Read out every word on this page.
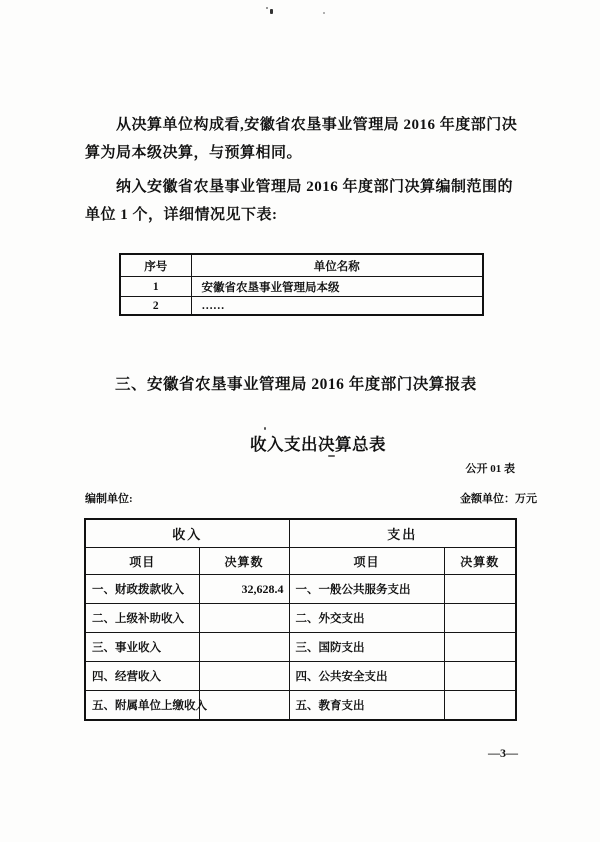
从决算单位构成看,安徽省农垦事业管理局 2016 年度部门决
算为局本级决算，与预算相同。
纳入安徽省农垦事业管理局 2016 年度部门决算编制范围的
单位 1 个，详细情况见下表:
序号	单位名称
1	安徽省农垦事业管理局本级
2	……
三、安徽省农垦事业管理局 2016 年度部门决算报表
收入支出决算总表
公开 01 表
编制单位:	金额单位：万元
收入		支出	
项目	决算数	项目	决算数
一、财政拨款收入	32,628.4	一、一般公共服务支出	
二、上级补助收入		二、外交支出	
三、事业收入		三、国防支出	
四、经营收入		四、公共安全支出	
五、附属单位上缴收入		五、教育支出	
—3—
